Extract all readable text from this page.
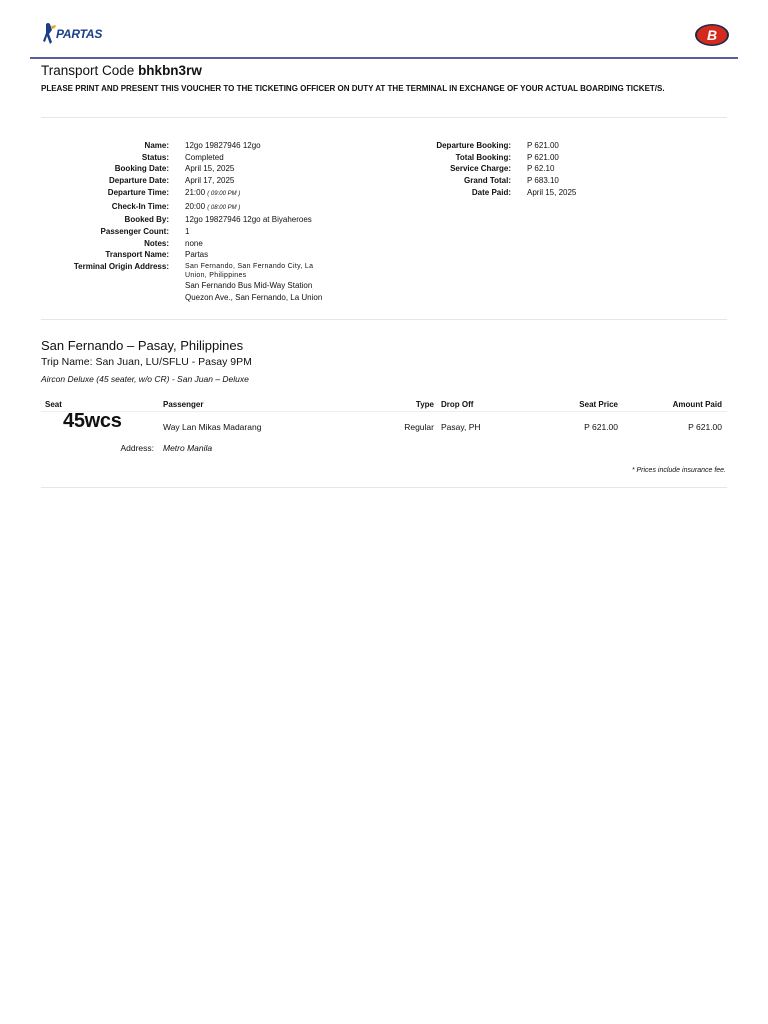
PARTAS	B
Transport Code bhkbn3rw
PLEASE PRINT AND PRESENT THIS VOUCHER TO THE TICKETING OFFICER ON DUTY AT THE TERMINAL IN EXCHANGE OF YOUR ACTUAL BOARDING TICKET/S.
Name:	12go 19827946 12go
Status:	Completed
Booking Date:	April 15, 2025
Departure Date:	April 17, 2025
Departure Time:	21:00 ( 09:00 PM )
Check-In Time:	20:00 ( 08:00 PM )
Booked By:	12go 19827946 12go at Biyaheroes
Passenger Count:	1
Notes:	none
Transport Name:	Partas
Terminal Origin Address: San Fernando, San Fernando City, La Union, Philippines
San Fernando Bus Mid-Way Station
Quezon Ave., San Fernando, La Union
Departure Booking:	P 621.00
Total Booking:	P 621.00
Service Charge:	P 62.10
Grand Total:	P 683.10
Date Paid:	April 15, 2025
San Fernando – Pasay, Philippines
Trip Name: San Juan, LU/SFLU - Pasay 9PM
Aircon Deluxe (45 seater, w/o CR) - San Juan – Deluxe
Seat	Passenger	Type Drop Off	Seat Price	Amount Paid
45wcs	Way Lan Mikas Madarang	Regular Pasay, PH	P 621.00	P 621.00
Address: Metro Manila
* Prices include insurance fee.
